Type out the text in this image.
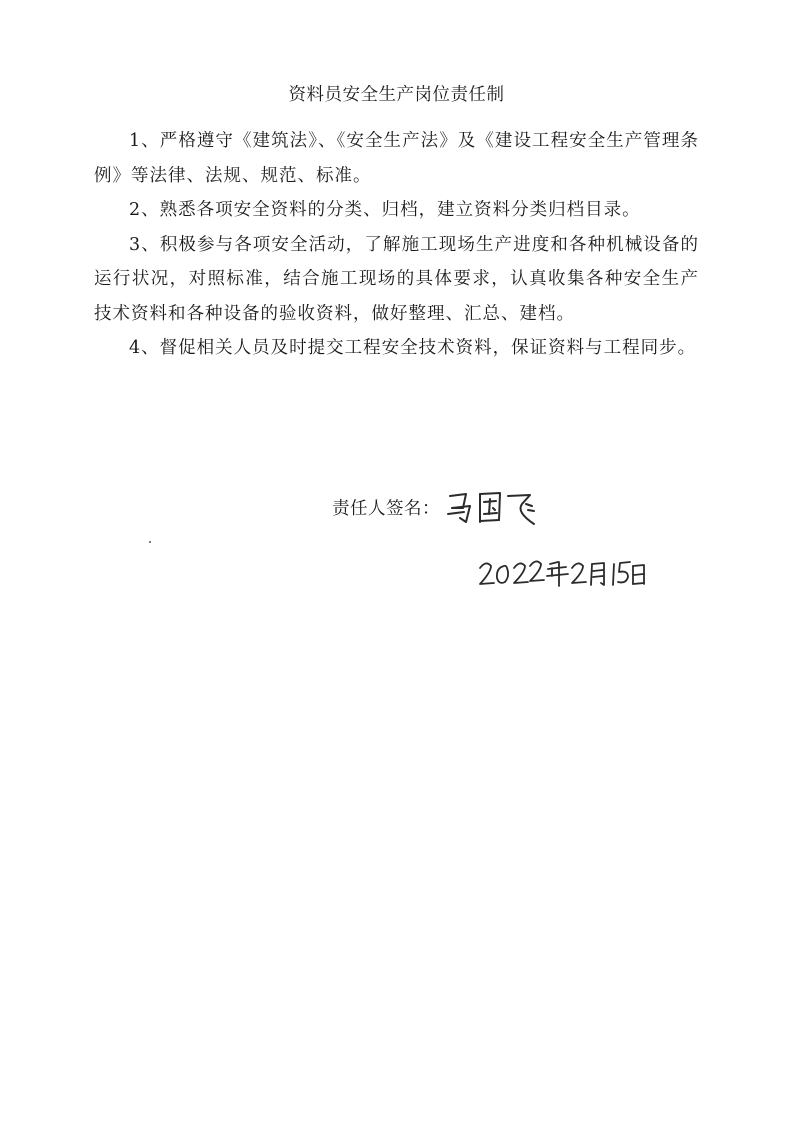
资料员安全生产岗位责任制

1、严格遵守《建筑法》、《安全生产法》及《建设工程安全生产管理条例》等法律、法规、规范、标准。

2、熟悉各项安全资料的分类、归档，建立资料分类归档目录。

3、积极参与各项安全活动，了解施工现场生产进度和各种机械设备的运行状况，对照标准，结合施工现场的具体要求，认真收集各种安全生产技术资料和各种设备的验收资料，做好整理、汇总、建档。

4、督促相关人员及时提交工程安全技术资料，保证资料与工程同步。

责任人签名：
